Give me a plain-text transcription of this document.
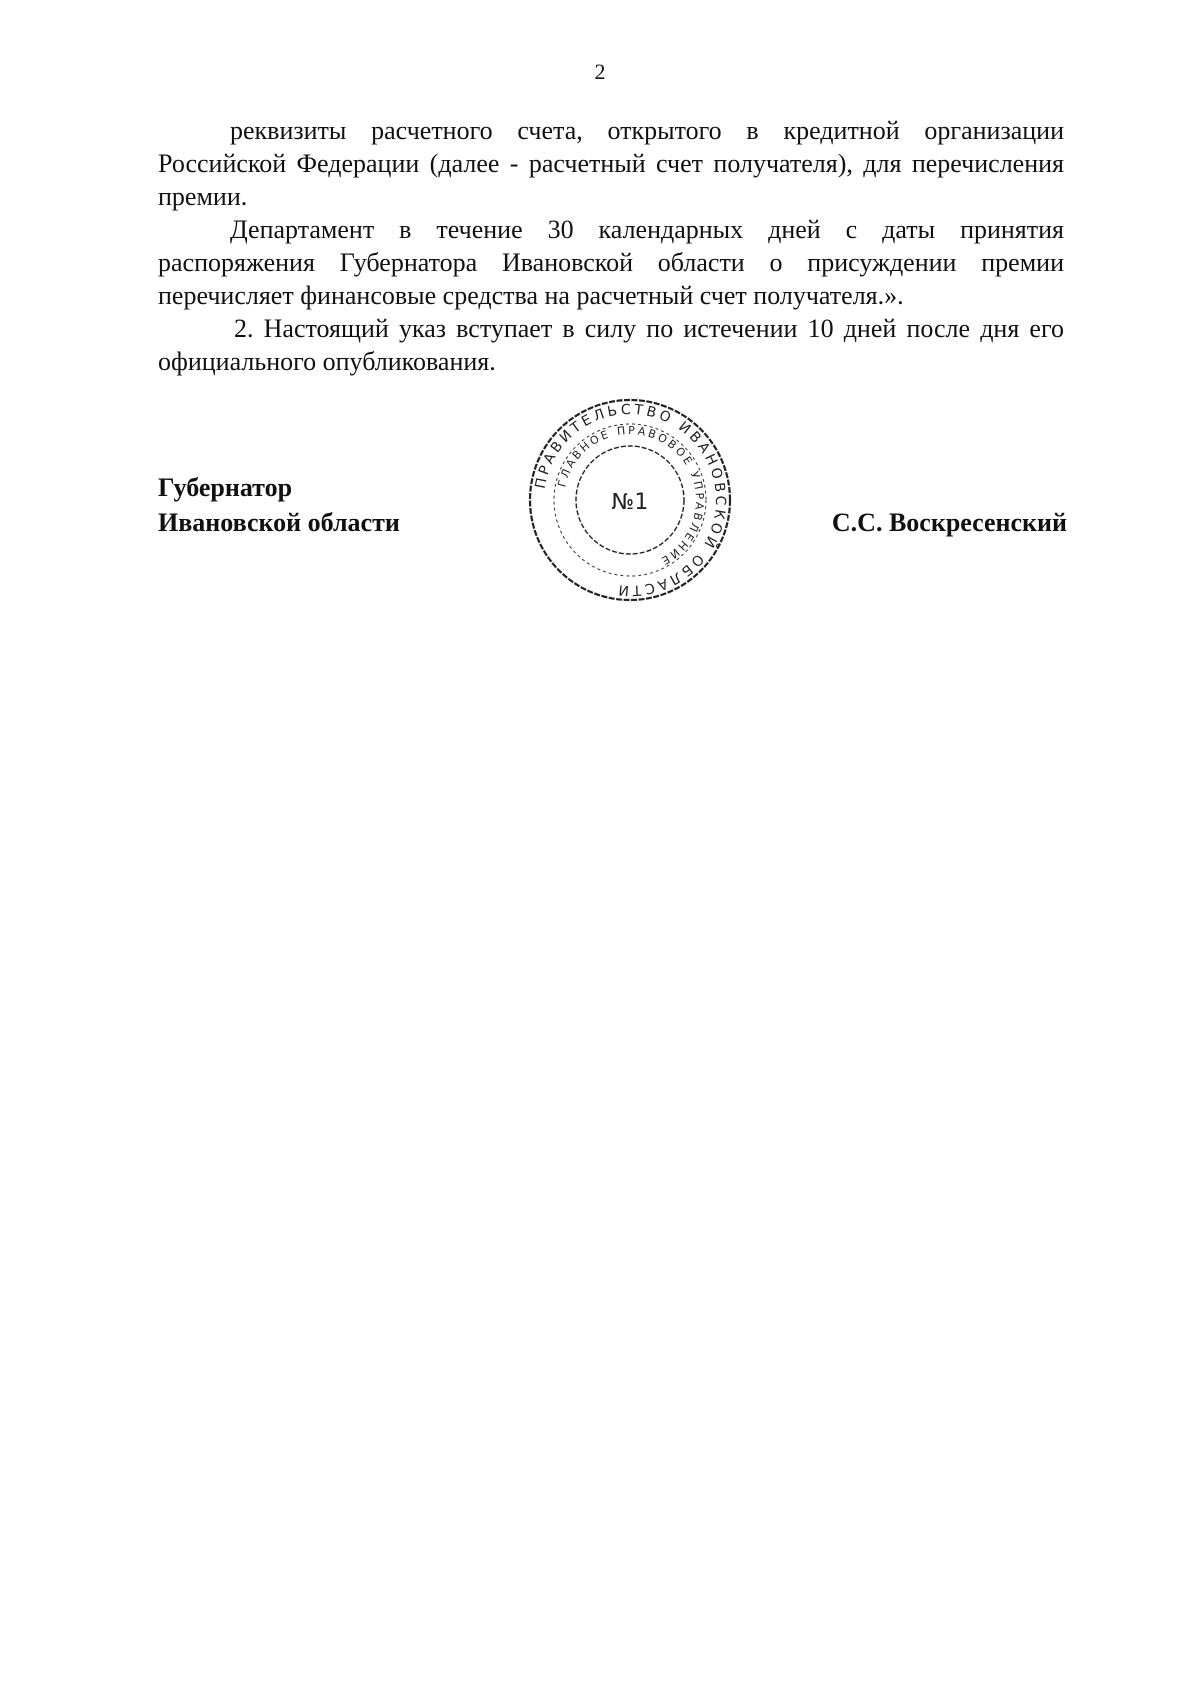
2

реквизиты расчетного счета, открытого в кредитной организации Российской Федерации (далее - расчетный счет получателя), для перечисления премии.

Департамент в течение 30 календарных дней с даты принятия распоряжения Губернатора Ивановской области о присуждении премии перечисляет финансовые средства на расчетный счет получателя.».

2. Настоящий указ вступает в силу по истечении 10 дней после дня его официального опубликования.

Губернатор
Ивановской области
ПРАВИТЕЛЬСТВО ИВАНОВСКОЙ ОБЛАСТИ
ГЛАВНОЕ ПРАВОВОЕ УПРАВЛЕНИЕ
№1
С.С. Воскресенский
